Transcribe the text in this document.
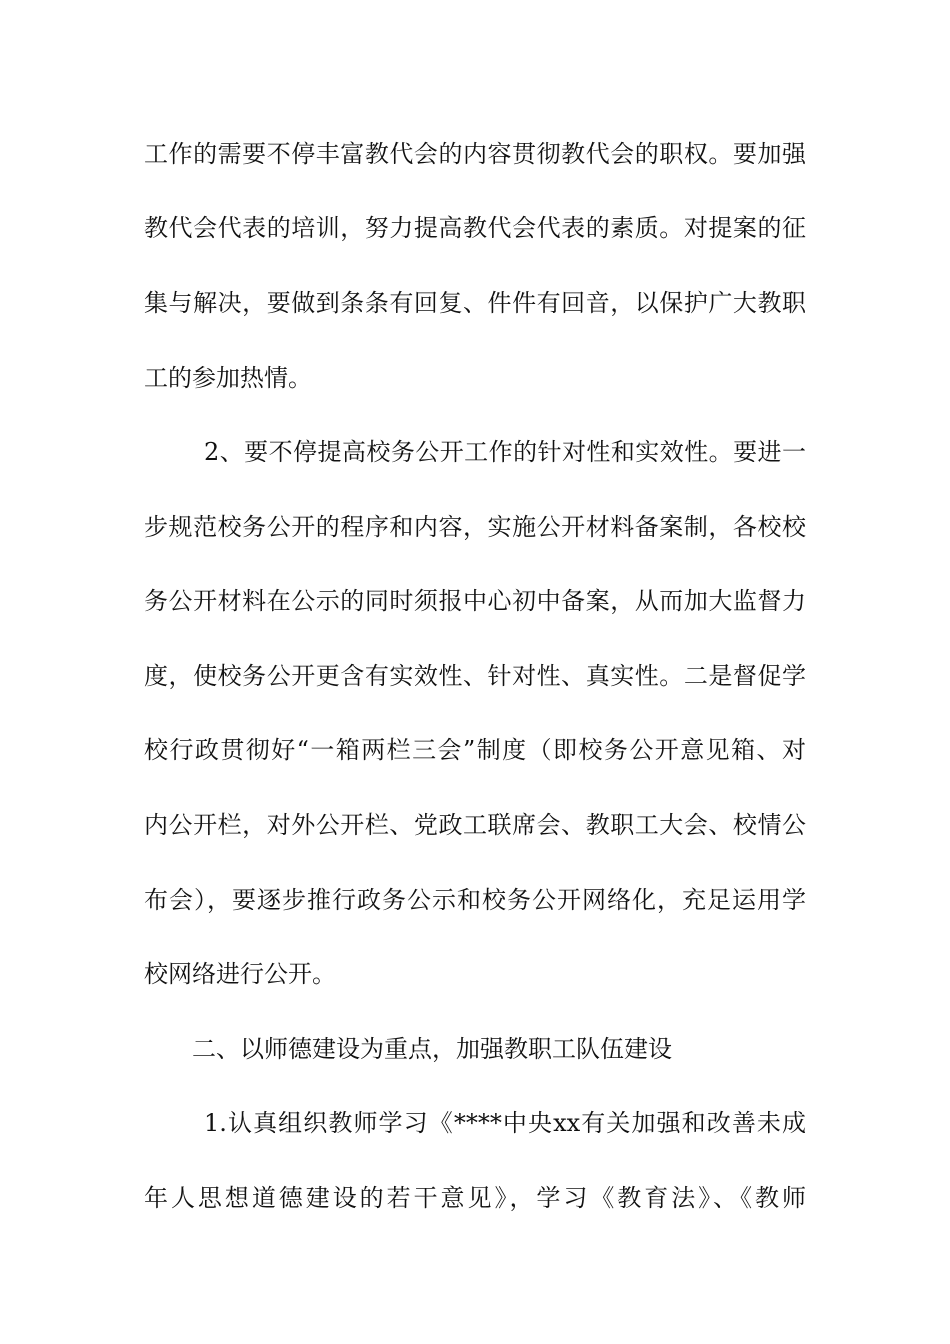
工作的需要不停丰富教代会的内容贯彻教代会的职权。要加强
教代会代表的培训，努力提高教代会代表的素质。对提案的征
集与解决，要做到条条有回复、件件有回音，以保护广大教职
工的参加热情。
2、要不停提高校务公开工作的针对性和实效性。要进一
步规范校务公开的程序和内容，实施公开材料备案制，各校校
务公开材料在公示的同时须报中心初中备案，从而加大监督力
度，使校务公开更含有实效性、针对性、真实性。二是督促学
校行政贯彻好“一箱两栏三会”制度（即校务公开意见箱、对
内公开栏，对外公开栏、党政工联席会、教职工大会、校情公
布会），要逐步推行政务公示和校务公开网络化，充足运用学
校网络进行公开。
二、以师德建设为重点，加强教职工队伍建设
1.认真组织教师学习《****中央xx有关加强和改善未成
年人思想道德建设的若干意见》，学习《教育法》、《教师
